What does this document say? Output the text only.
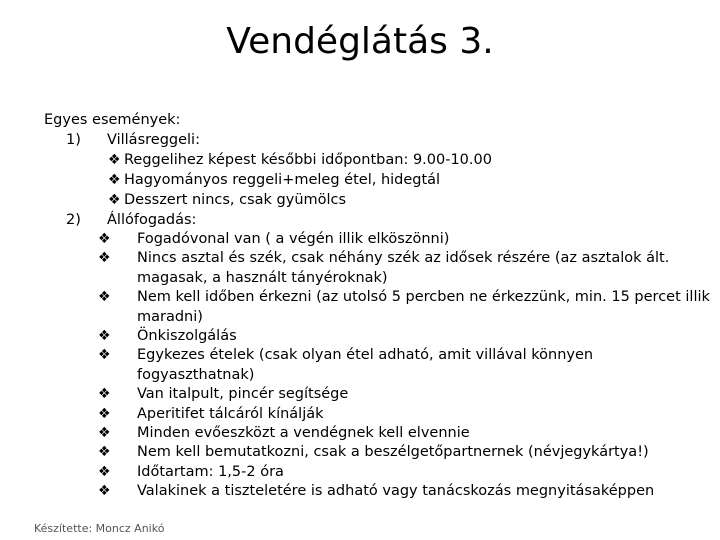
Vendéglátás 3.
Egyes események:
1) Villásreggeli:
❖ Reggelihez képest későbbi időpontban: 9.00-10.00
❖ Hagyományos reggeli+meleg étel, hidegtál
❖ Desszert nincs, csak gyümölcs
2) Állófogadás:
❖ Fogadóvonal van ( a végén illik elköszönni)
❖ Nincs asztal és szék, csak néhány szék az idősek részére (az asztalok ált. magasak, a használt tányéroknak)
❖ Nem kell időben érkezni (az utolsó 5 percben ne érkezzünk, min. 15 percet illik maradni)
❖ Önkiszolgálás
❖ Egykezes ételek (csak olyan étel adható, amit villával könnyen fogyaszthatnak)
❖ Van italpult, pincér segítsége
❖ Aperitifet tálcáról kínálják
❖ Minden evőeszközt a vendégnek kell elvennie
❖ Nem kell bemutatkozni, csak a beszélgetőpartnernek (névjegykártya!)
❖ Időtartam: 1,5-2 óra
❖ Valakinek a tiszteletére is adható vagy tanácskozás megnyitásaképpen
Készítette: Moncz Anikó
